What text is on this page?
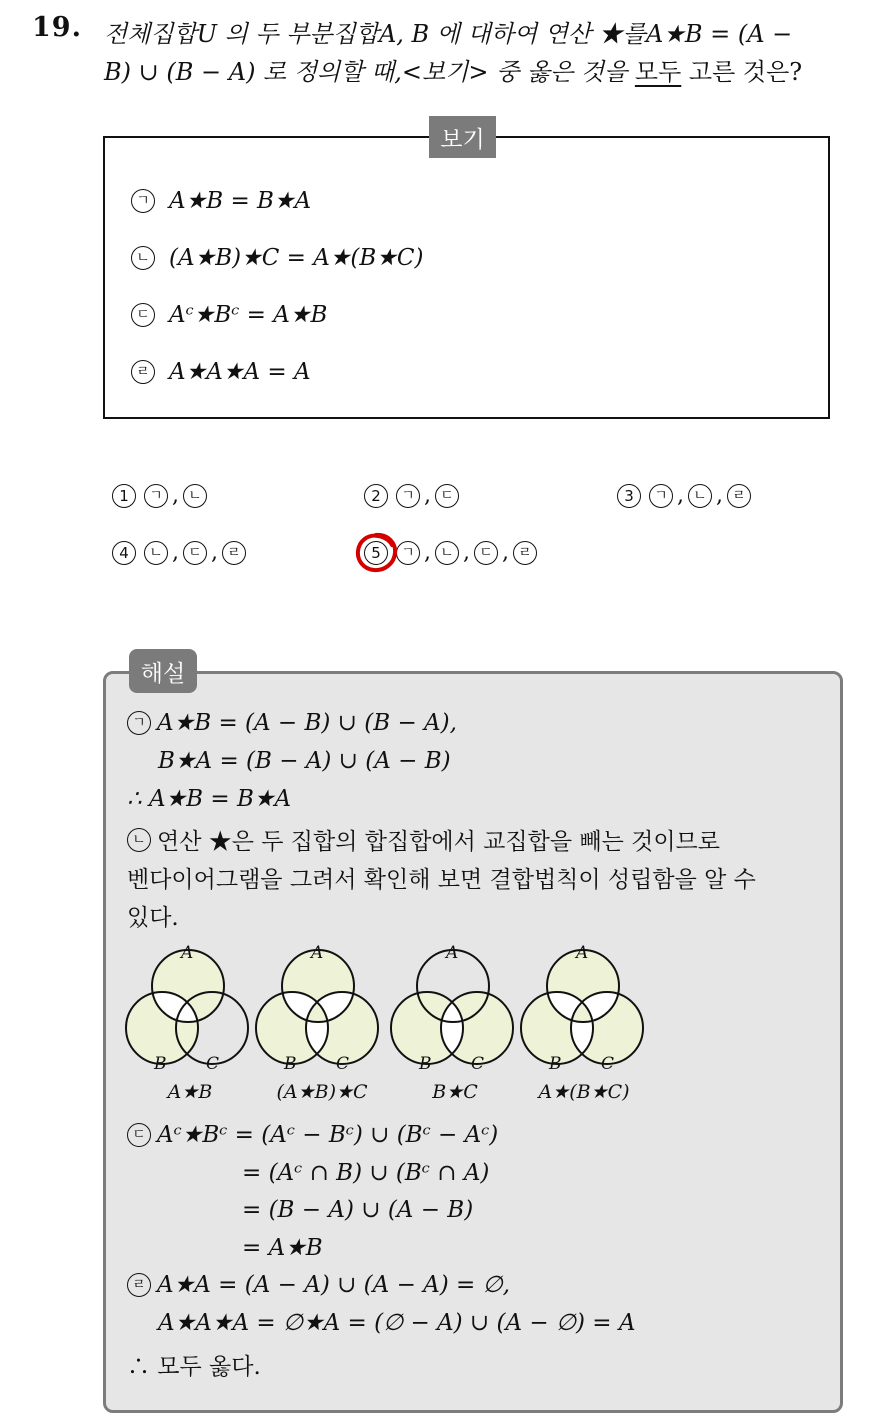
19. 전체집합U 의 두 부분집합A, B 에 대하여 연산 ★를A★B = (A −
B) ∪ (B − A) 로 정의할 때,<보기> 중 옳은 것을 모두 고른 것은?
보기
ㄱ A★B = B★A
ㄴ (A★B)★C = A★(B★C)
ㄷ Aᶜ★Bᶜ = A★B
ㄹ A★A★A = A
1	ㄱ , ㄴ	2	ㄱ , ㄷ	3	ㄱ , ㄴ , ㄹ
4	ㄴ , ㄷ , ㄹ	5	ㄱ , ㄴ , ㄷ , ㄹ
해설
ㄱ A★B = (A − B) ∪ (B − A),
B★A = (B − A) ∪ (A − B)
∴ A★B = B★A
ㄴ 연산 ★은 두 집합의 합집합에서 교집합을 빼는 것이므로
벤다이어그램을 그려서 확인해 보면 결합법칙이 성립함을 알 수
있다.
A
B C
A
B C
A
B C
A
B C
A★B	(A★B)★C	B★C	A★(B★C)
ㄷ Aᶜ★Bᶜ = (Aᶜ − Bᶜ) ∪ (Bᶜ − Aᶜ)
= (Aᶜ ∩ B) ∪ (Bᶜ ∩ A)
= (B − A) ∪ (A − B)
= A★B
ㄹ A★A = (A − A) ∪ (A − A) = ∅,
A★A★A = ∅★A = (∅ − A) ∪ (A − ∅) = A
∴ 모두 옳다.
